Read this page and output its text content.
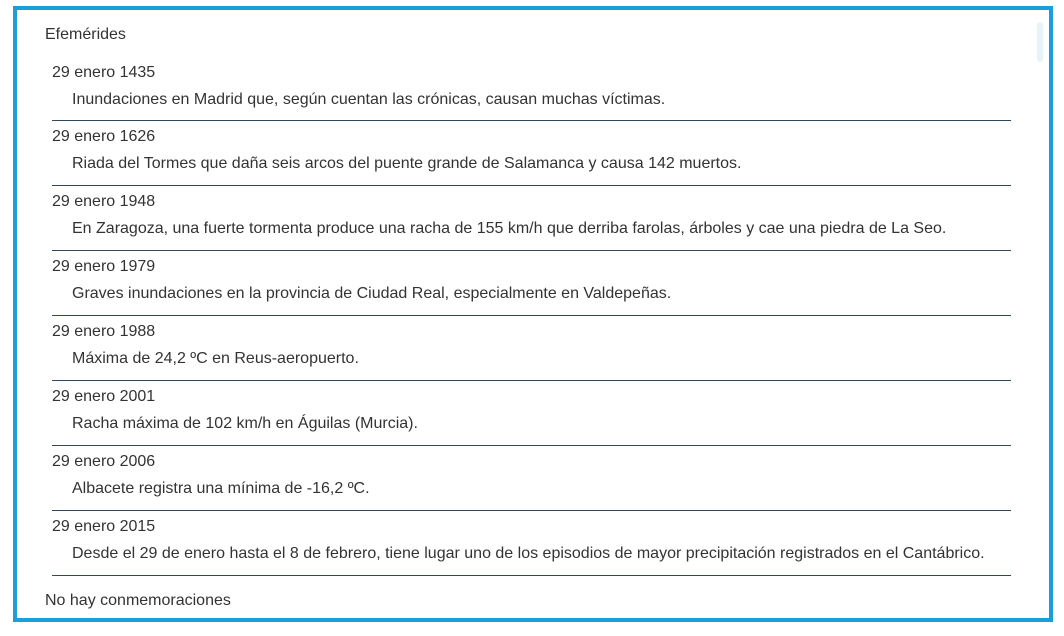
Efemérides
29 enero 1435
Inundaciones en Madrid que, según cuentan las crónicas, causan muchas víctimas.
29 enero 1626
Riada del Tormes que daña seis arcos del puente grande de Salamanca y causa 142 muertos.
29 enero 1948
En Zaragoza, una fuerte tormenta produce una racha de 155 km/h que derriba farolas, árboles y cae una piedra de La Seo.
29 enero 1979
Graves inundaciones en la provincia de Ciudad Real, especialmente en Valdepeñas.
29 enero 1988
Máxima de 24,2 ºC en Reus-aeropuerto.
29 enero 2001
Racha máxima de 102 km/h en Águilas (Murcia).
29 enero 2006
Albacete registra una mínima de -16,2 ºC.
29 enero 2015
Desde el 29 de enero hasta el 8 de febrero, tiene lugar uno de los episodios de mayor precipitación registrados en el Cantábrico.
No hay conmemoraciones
